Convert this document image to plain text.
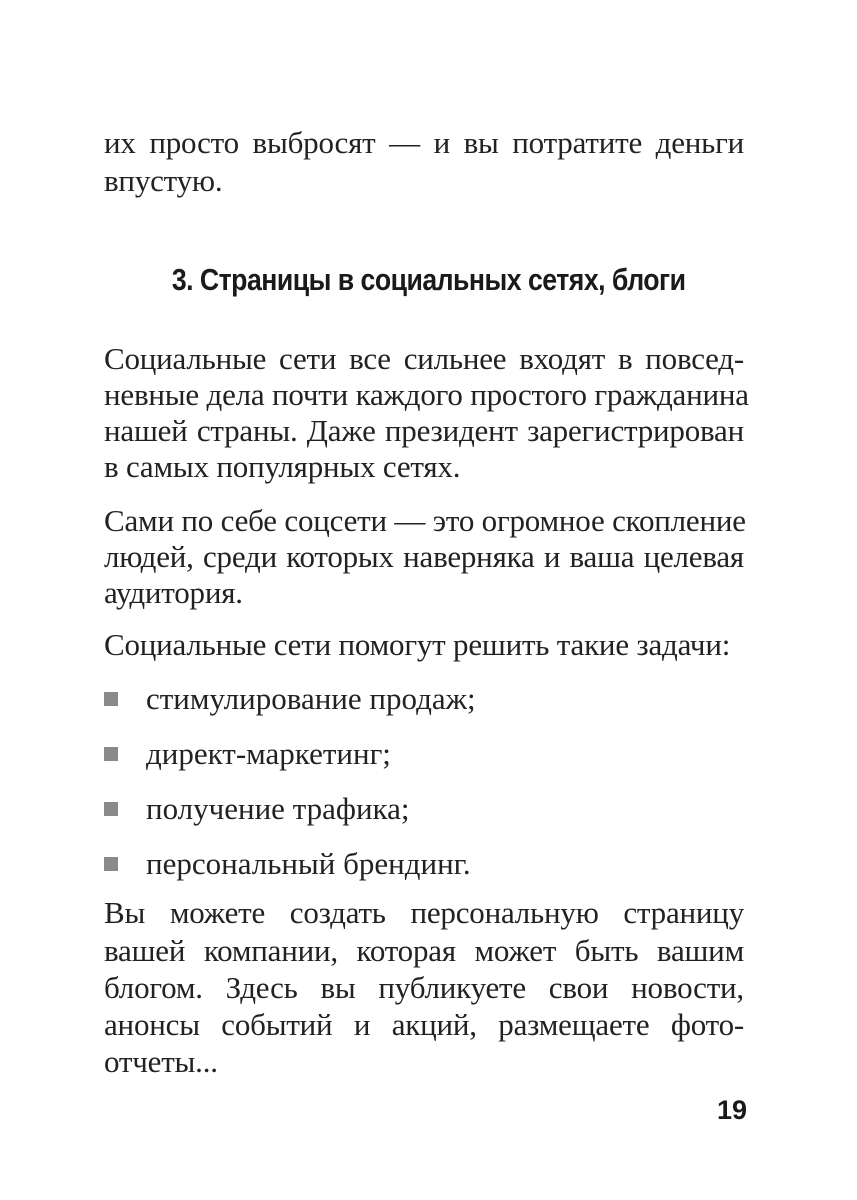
их просто выбросят — и вы потратите деньги
впустую.
3. Страницы в социальных сетях, блоги
Социальные сети все сильнее входят в повсед-
невные дела почти каждого простого гражданина
нашей страны. Даже президент зарегистрирован
в самых популярных сетях.
Сами по себе соцсети — это огромное скопление
людей, среди которых наверняка и ваша целевая
аудитория.
Социальные сети помогут решить такие задачи:
стимулирование продаж;
директ-маркетинг;
получение трафика;
персональный брендинг.
Вы можете создать персональную страницу
вашей компании, которая может быть вашим
блогом. Здесь вы публикуете свои новости,
анонсы событий и акций, размещаете фото-
отчеты...
19
